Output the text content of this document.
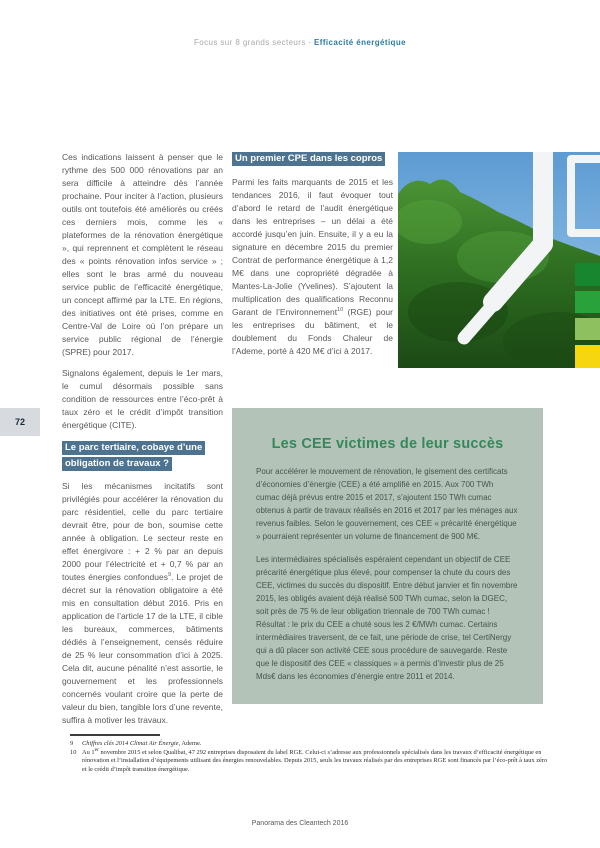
Focus sur 8 grands secteurs - Efficacité énergétique
72

Ces indications laissent à penser que le rythme des 500 000 rénovations par an sera difficile à atteindre dès l’année prochaine. Pour inciter à l’action, plusieurs outils ont toutefois été améliorés ou créés ces derniers mois, comme les « plateformes de la rénovation énergétique », qui reprennent et complètent le réseau des « points rénovation infos service » ; elles sont le bras armé du nouveau service public de l’efficacité énergétique, un concept affirmé par la LTE. En régions, des initiatives ont été prises, comme en Centre-Val de Loire où l’on prépare un service public régional de l’énergie (SPRE) pour 2017.

Signalons également, depuis le 1er mars, le cumul désormais possible sans condition de ressources entre l’éco-prêt à taux zéro et le crédit d’impôt transition énergétique (CITE).

Le parc tertiaire, cobaye d’une obligation de travaux ?

Si les mécanismes incitatifs sont privilégiés pour accélérer la rénovation du parc résidentiel, celle du parc tertiaire devrait être, pour de bon, soumise cette année à obligation. Le secteur reste en effet énergivore : + 2 % par an depuis 2000 pour l’électricité et + 0,7 % par an toutes énergies confondues$^9$. Le projet de décret sur la rénovation obligatoire a été mis en consultation début 2016. Pris en application de l’article 17 de la LTE, il cible les bureaux, commerces, bâtiments dédiés à l’enseignement, censés réduire de 25 % leur consommation d’ici à 2025. Cela dit, aucune pénalité n’est assortie, le gouvernement et les professionnels concernés voulant croire que la perte de valeur du bien, tangible lors d’une revente, suffira à motiver les travaux.

Un premier CPE dans les copros

Parmi les faits marquants de 2015 et les tendances 2016, il faut évoquer tout d’abord le retard de l’audit énergétique dans les entreprises – un délai a été accordé jusqu’en juin. Ensuite, il y a eu la signature en décembre 2015 du premier Contrat de performance énergétique à 1,2 M€ dans une copropriété dégradée à Mantes-La-Jolie (Yvelines). S’ajoutent la multiplication des qualifications Reconnu Garant de l’Environnement$^{10}$ (RGE) pour les entreprises du bâtiment, et le doublement du Fonds Chaleur de l’Ademe, porté à 420 M€ d’ici à 2017.

Les CEE victimes de leur succès

Pour accélérer le mouvement de rénovation, le gisement des certificats d’économies d’énergie (CEE) a été amplifié en 2015. Aux 700 TWh cumac déjà prévus entre 2015 et 2017, s’ajoutent 150 TWh cumac obtenus à partir de travaux réalisés en 2016 et 2017 par les ménages aux revenus faibles. Selon le gouvernement, ces CEE « précarité énergétique » pourraient représenter un volume de financement de 900 M€.

Les intermédiaires spécialisés espéraient cependant un objectif de CEE précarité énergétique plus élevé, pour compenser la chute du cours des CEE, victimes du succès du dispositif. Entre début janvier et fin novembre 2015, les obligés avaient déjà réalisé 500 TWh cumac, selon la DGEC, soit près de 75 % de leur obligation triennale de 700 TWh cumac ! Résultat : le prix du CEE a chuté sous les 2 €/MWh cumac. Certains intermédiaires traversent, de ce fait, une période de crise, tel CertiNergy qui a dû placer son activité CEE sous procédure de sauvegarde. Reste que le dispositif des CEE « classiques » a permis d’investir plus de 25 Mds€ dans les économies d’énergie entre 2011 et 2014.

9	Chiffres clés 2014 Climat Air Énergie, Ademe.
10 Au 1er novembre 2015 et selon Qualibat, 47 292 entreprises disposaient du label RGE. Celui-ci s’adresse aux professionnels spécialisés dans les travaux d’efficacité énergétique en rénovation et l’installation d’équipements utilisant des énergies renouvelables. Depuis 2015, seuls les travaux réalisés par des entreprises RGE sont financés par l’éco-prêt à taux zéro et le crédit d’impôt transition énergétique.
Panorama des Cleantech 2016
